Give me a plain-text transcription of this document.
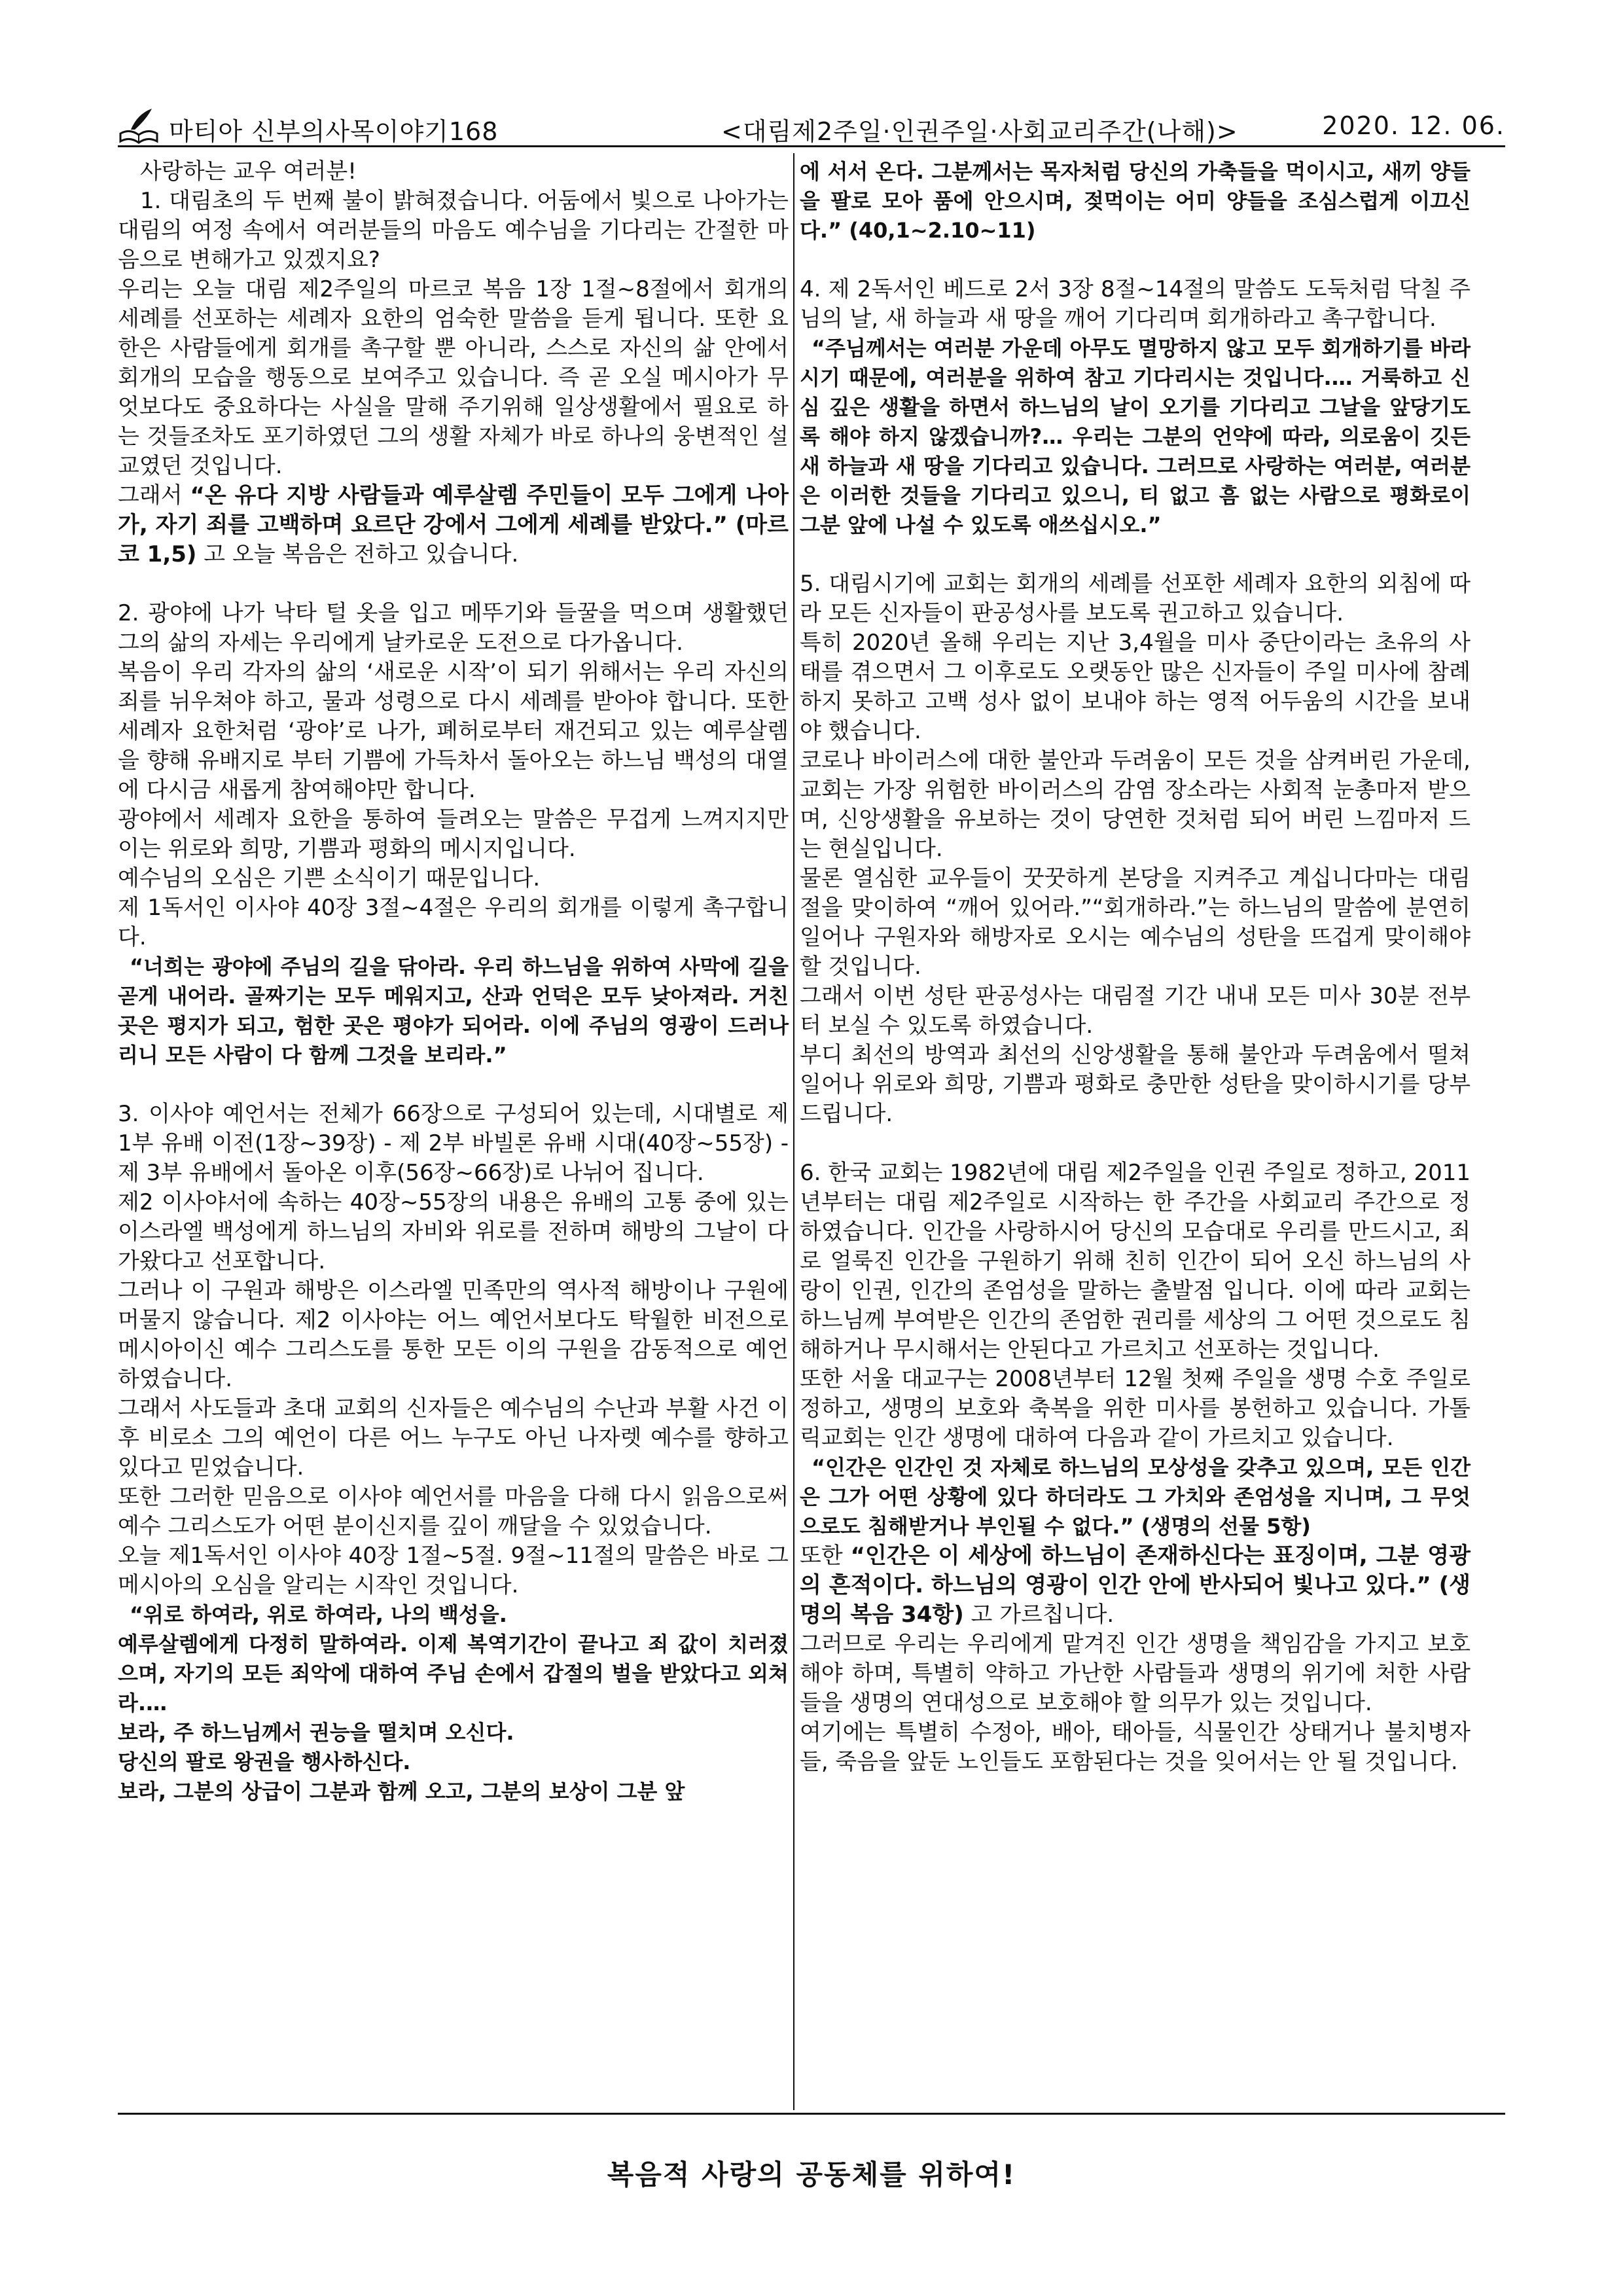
마티아 신부의사목이야기168	<대림제2주일·인권주일·사회교리주간(나해)>	2020. 12. 06.

사랑하는 교우 여러분!

1. 대림초의 두 번째 불이 밝혀졌습니다. 어둠에서 빛으로 나아가는 대림의 여정 속에서 여러분들의 마음도 예수님을 기다리는 간절한 마음으로 변해가고 있겠지요?

우리는 오늘 대림 제2주일의 마르코 복음 1장 1절~8절에서 회개의 세례를 선포하는 세례자 요한의 엄숙한 말씀을 듣게 됩니다. 또한 요한은 사람들에게 회개를 촉구할 뿐 아니라, 스스로 자신의 삶 안에서 회개의 모습을 행동으로 보여주고 있습니다. 즉 곧 오실 메시아가 무엇보다도 중요하다는 사실을 말해 주기위해 일상생활에서 필요로 하는 것들조차도 포기하였던 그의 생활 자체가 바로 하나의 웅변적인 설교였던 것입니다.

그래서 “온 유다 지방 사람들과 예루살렘 주민들이 모두 그에게 나아가, 자기 죄를 고백하며 요르단 강에서 그에게 세례를 받았다.” (마르코 1,5) 고 오늘 복음은 전하고 있습니다.

2. 광야에 나가 낙타 털 옷을 입고 메뚜기와 들꿀을 먹으며 생활했던 그의 삶의 자세는 우리에게 날카로운 도전으로 다가옵니다.

복음이 우리 각자의 삶의 ‘새로운 시작’이 되기 위해서는 우리 자신의 죄를 뉘우쳐야 하고, 물과 성령으로 다시 세례를 받아야 합니다. 또한 세례자 요한처럼 ‘광야’로 나가, 폐허로부터 재건되고 있는 예루살렘을 향해 유배지로 부터 기쁨에 가득차서 돌아오는 하느님 백성의 대열에 다시금 새롭게 참여해야만 합니다.

광야에서 세례자 요한을 통하여 들려오는 말씀은 무겁게 느껴지지만 이는 위로와 희망, 기쁨과 평화의 메시지입니다.

예수님의 오심은 기쁜 소식이기 때문입니다.

제 1독서인 이사야 40장 3절~4절은 우리의 회개를 이렇게 촉구합니다.

“너희는 광야에 주님의 길을 닦아라. 우리 하느님을 위하여 사막에 길을 곧게 내어라. 골짜기는 모두 메워지고, 산과 언덕은 모두 낮아져라. 거친 곳은 평지가 되고, 험한 곳은 평야가 되어라. 이에 주님의 영광이 드러나리니 모든 사람이 다 함께 그것을 보리라.”

3. 이사야 예언서는 전체가 66장으로 구성되어 있는데, 시대별로 제 1부 유배 이전(1장~39장) - 제 2부 바빌론 유배 시대(40장~55장) - 제 3부 유배에서 돌아온 이후(56장~66장)로 나뉘어 집니다.

제2 이사야서에 속하는 40장~55장의 내용은 유배의 고통 중에 있는 이스라엘 백성에게 하느님의 자비와 위로를 전하며 해방의 그날이 다가왔다고 선포합니다.

그러나 이 구원과 해방은 이스라엘 민족만의 역사적 해방이나 구원에 머물지 않습니다. 제2 이사야는 어느 예언서보다도 탁월한 비전으로 메시아이신 예수 그리스도를 통한 모든 이의 구원을 감동적으로 예언하였습니다.

그래서 사도들과 초대 교회의 신자들은 예수님의 수난과 부활 사건 이후 비로소 그의 예언이 다른 어느 누구도 아닌 나자렛 예수를 향하고 있다고 믿었습니다.

또한 그러한 믿음으로 이사야 예언서를 마음을 다해 다시 읽음으로써 예수 그리스도가 어떤 분이신지를 깊이 깨달을 수 있었습니다.

오늘 제1독서인 이사야 40장 1절~5절. 9절~11절의 말씀은 바로 그 메시아의 오심을 알리는 시작인 것입니다.

“위로 하여라, 위로 하여라, 나의 백성을.

예루살렘에게 다정히 말하여라. 이제 복역기간이 끝나고 죄 값이 치러졌으며, 자기의 모든 죄악에 대하여 주님 손에서 갑절의 벌을 받았다고 외쳐라.…

보라, 주 하느님께서 권능을 떨치며 오신다.

당신의 팔로 왕권을 행사하신다.

보라, 그분의 상급이 그분과 함께 오고, 그분의 보상이 그분 앞

에 서서 온다. 그분께서는 목자처럼 당신의 가축들을 먹이시고, 새끼 양들을 팔로 모아 품에 안으시며, 젖먹이는 어미 양들을 조심스럽게 이끄신다.” (40,1~2.10~11)

4. 제 2독서인 베드로 2서 3장 8절~14절의 말씀도 도둑처럼 닥칠 주님의 날, 새 하늘과 새 땅을 깨어 기다리며 회개하라고 촉구합니다.

“주님께서는 여러분 가운데 아무도 멸망하지 않고 모두 회개하기를 바라시기 때문에, 여러분을 위하여 참고 기다리시는 것입니다.… 거룩하고 신심 깊은 생활을 하면서 하느님의 날이 오기를 기다리고 그날을 앞당기도록 해야 하지 않겠습니까?… 우리는 그분의 언약에 따라, 의로움이 깃든 새 하늘과 새 땅을 기다리고 있습니다. 그러므로 사랑하는 여러분, 여러분은 이러한 것들을 기다리고 있으니, 티 없고 흠 없는 사람으로 평화로이 그분 앞에 나설 수 있도록 애쓰십시오.”

5. 대림시기에 교회는 회개의 세례를 선포한 세례자 요한의 외침에 따라 모든 신자들이 판공성사를 보도록 권고하고 있습니다.

특히 2020년 올해 우리는 지난 3,4월을 미사 중단이라는 초유의 사태를 겪으면서 그 이후로도 오랫동안 많은 신자들이 주일 미사에 참례하지 못하고 고백 성사 없이 보내야 하는 영적 어두움의 시간을 보내야 했습니다.

코로나 바이러스에 대한 불안과 두려움이 모든 것을 삼켜버린 가운데, 교회는 가장 위험한 바이러스의 감염 장소라는 사회적 눈총마저 받으며, 신앙생활을 유보하는 것이 당연한 것처럼 되어 버린 느낌마저 드는 현실입니다.

물론 열심한 교우들이 꿋꿋하게 본당을 지켜주고 계십니다마는 대림절을 맞이하여 “깨어 있어라.”“회개하라.”는 하느님의 말씀에 분연히 일어나 구원자와 해방자로 오시는 예수님의 성탄을 뜨겁게 맞이해야 할 것입니다.

그래서 이번 성탄 판공성사는 대림절 기간 내내 모든 미사 30분 전부터 보실 수 있도록 하였습니다.

부디 최선의 방역과 최선의 신앙생활을 통해 불안과 두려움에서 떨쳐 일어나 위로와 희망, 기쁨과 평화로 충만한 성탄을 맞이하시기를 당부 드립니다.

6. 한국 교회는 1982년에 대림 제2주일을 인권 주일로 정하고, 2011년부터는 대림 제2주일로 시작하는 한 주간을 사회교리 주간으로 정하였습니다. 인간을 사랑하시어 당신의 모습대로 우리를 만드시고, 죄로 얼룩진 인간을 구원하기 위해 친히 인간이 되어 오신 하느님의 사랑이 인권, 인간의 존엄성을 말하는 출발점 입니다. 이에 따라 교회는 하느님께 부여받은 인간의 존엄한 권리를 세상의 그 어떤 것으로도 침해하거나 무시해서는 안된다고 가르치고 선포하는 것입니다.

또한 서울 대교구는 2008년부터 12월 첫째 주일을 생명 수호 주일로 정하고, 생명의 보호와 축복을 위한 미사를 봉헌하고 있습니다. 가톨릭교회는 인간 생명에 대하여 다음과 같이 가르치고 있습니다.

“인간은 인간인 것 자체로 하느님의 모상성을 갖추고 있으며, 모든 인간은 그가 어떤 상황에 있다 하더라도 그 가치와 존엄성을 지니며, 그 무엇으로도 침해받거나 부인될 수 없다.” (생명의 선물 5항)

또한 “인간은 이 세상에 하느님이 존재하신다는 표징이며, 그분 영광의 흔적이다. 하느님의 영광이 인간 안에 반사되어 빛나고 있다.” (생명의 복음 34항) 고 가르칩니다.

그러므로 우리는 우리에게 맡겨진 인간 생명을 책임감을 가지고 보호해야 하며, 특별히 약하고 가난한 사람들과 생명의 위기에 처한 사람들을 생명의 연대성으로 보호해야 할 의무가 있는 것입니다.

여기에는 특별히 수정아, 배아, 태아들, 식물인간 상태거나 불치병자들, 죽음을 앞둔 노인들도 포함된다는 것을 잊어서는 안 될 것입니다.

복음적 사랑의 공동체를 위하여!
